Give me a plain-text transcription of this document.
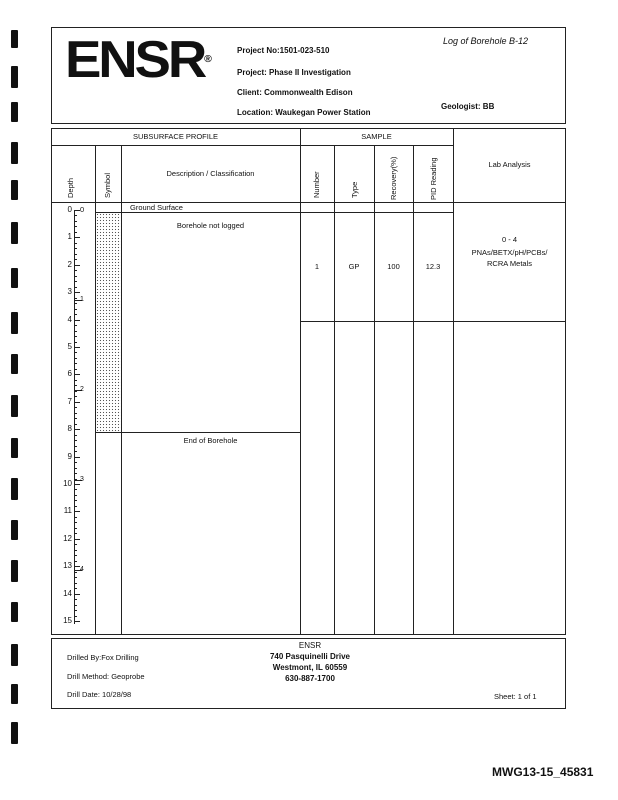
ENSR®
Project No:1501-023-510
Project: Phase II Investigation
Client: Commonwealth Edison
Location: Waukegan Power Station
Log of Borehole B-12
Geologist: BB
SUBSURFACE PROFILE	SAMPLE
Depth	Symbol	Description / Classification	Number	Type	Recovery(%)	PID Reading	Lab Analysis
Ground Surface
0
Borehole not logged
End of Borehole
1	GP	100	12.3
0 - 4
PNAs/BETX/pH/PCBs/
RCRA Metals
0
1
2
3
4
5
6
7
8
9
10
11
12
13
14
15
1
2
3
4
Drilled By:Fox Drilling
Drill Method: Geoprobe
Drill Date: 10/28/98
ENSR
740 Pasquinelli Drive
Westmont, IL 60559
630-887-1700
Sheet: 1 of 1
MWG13-15_45831
